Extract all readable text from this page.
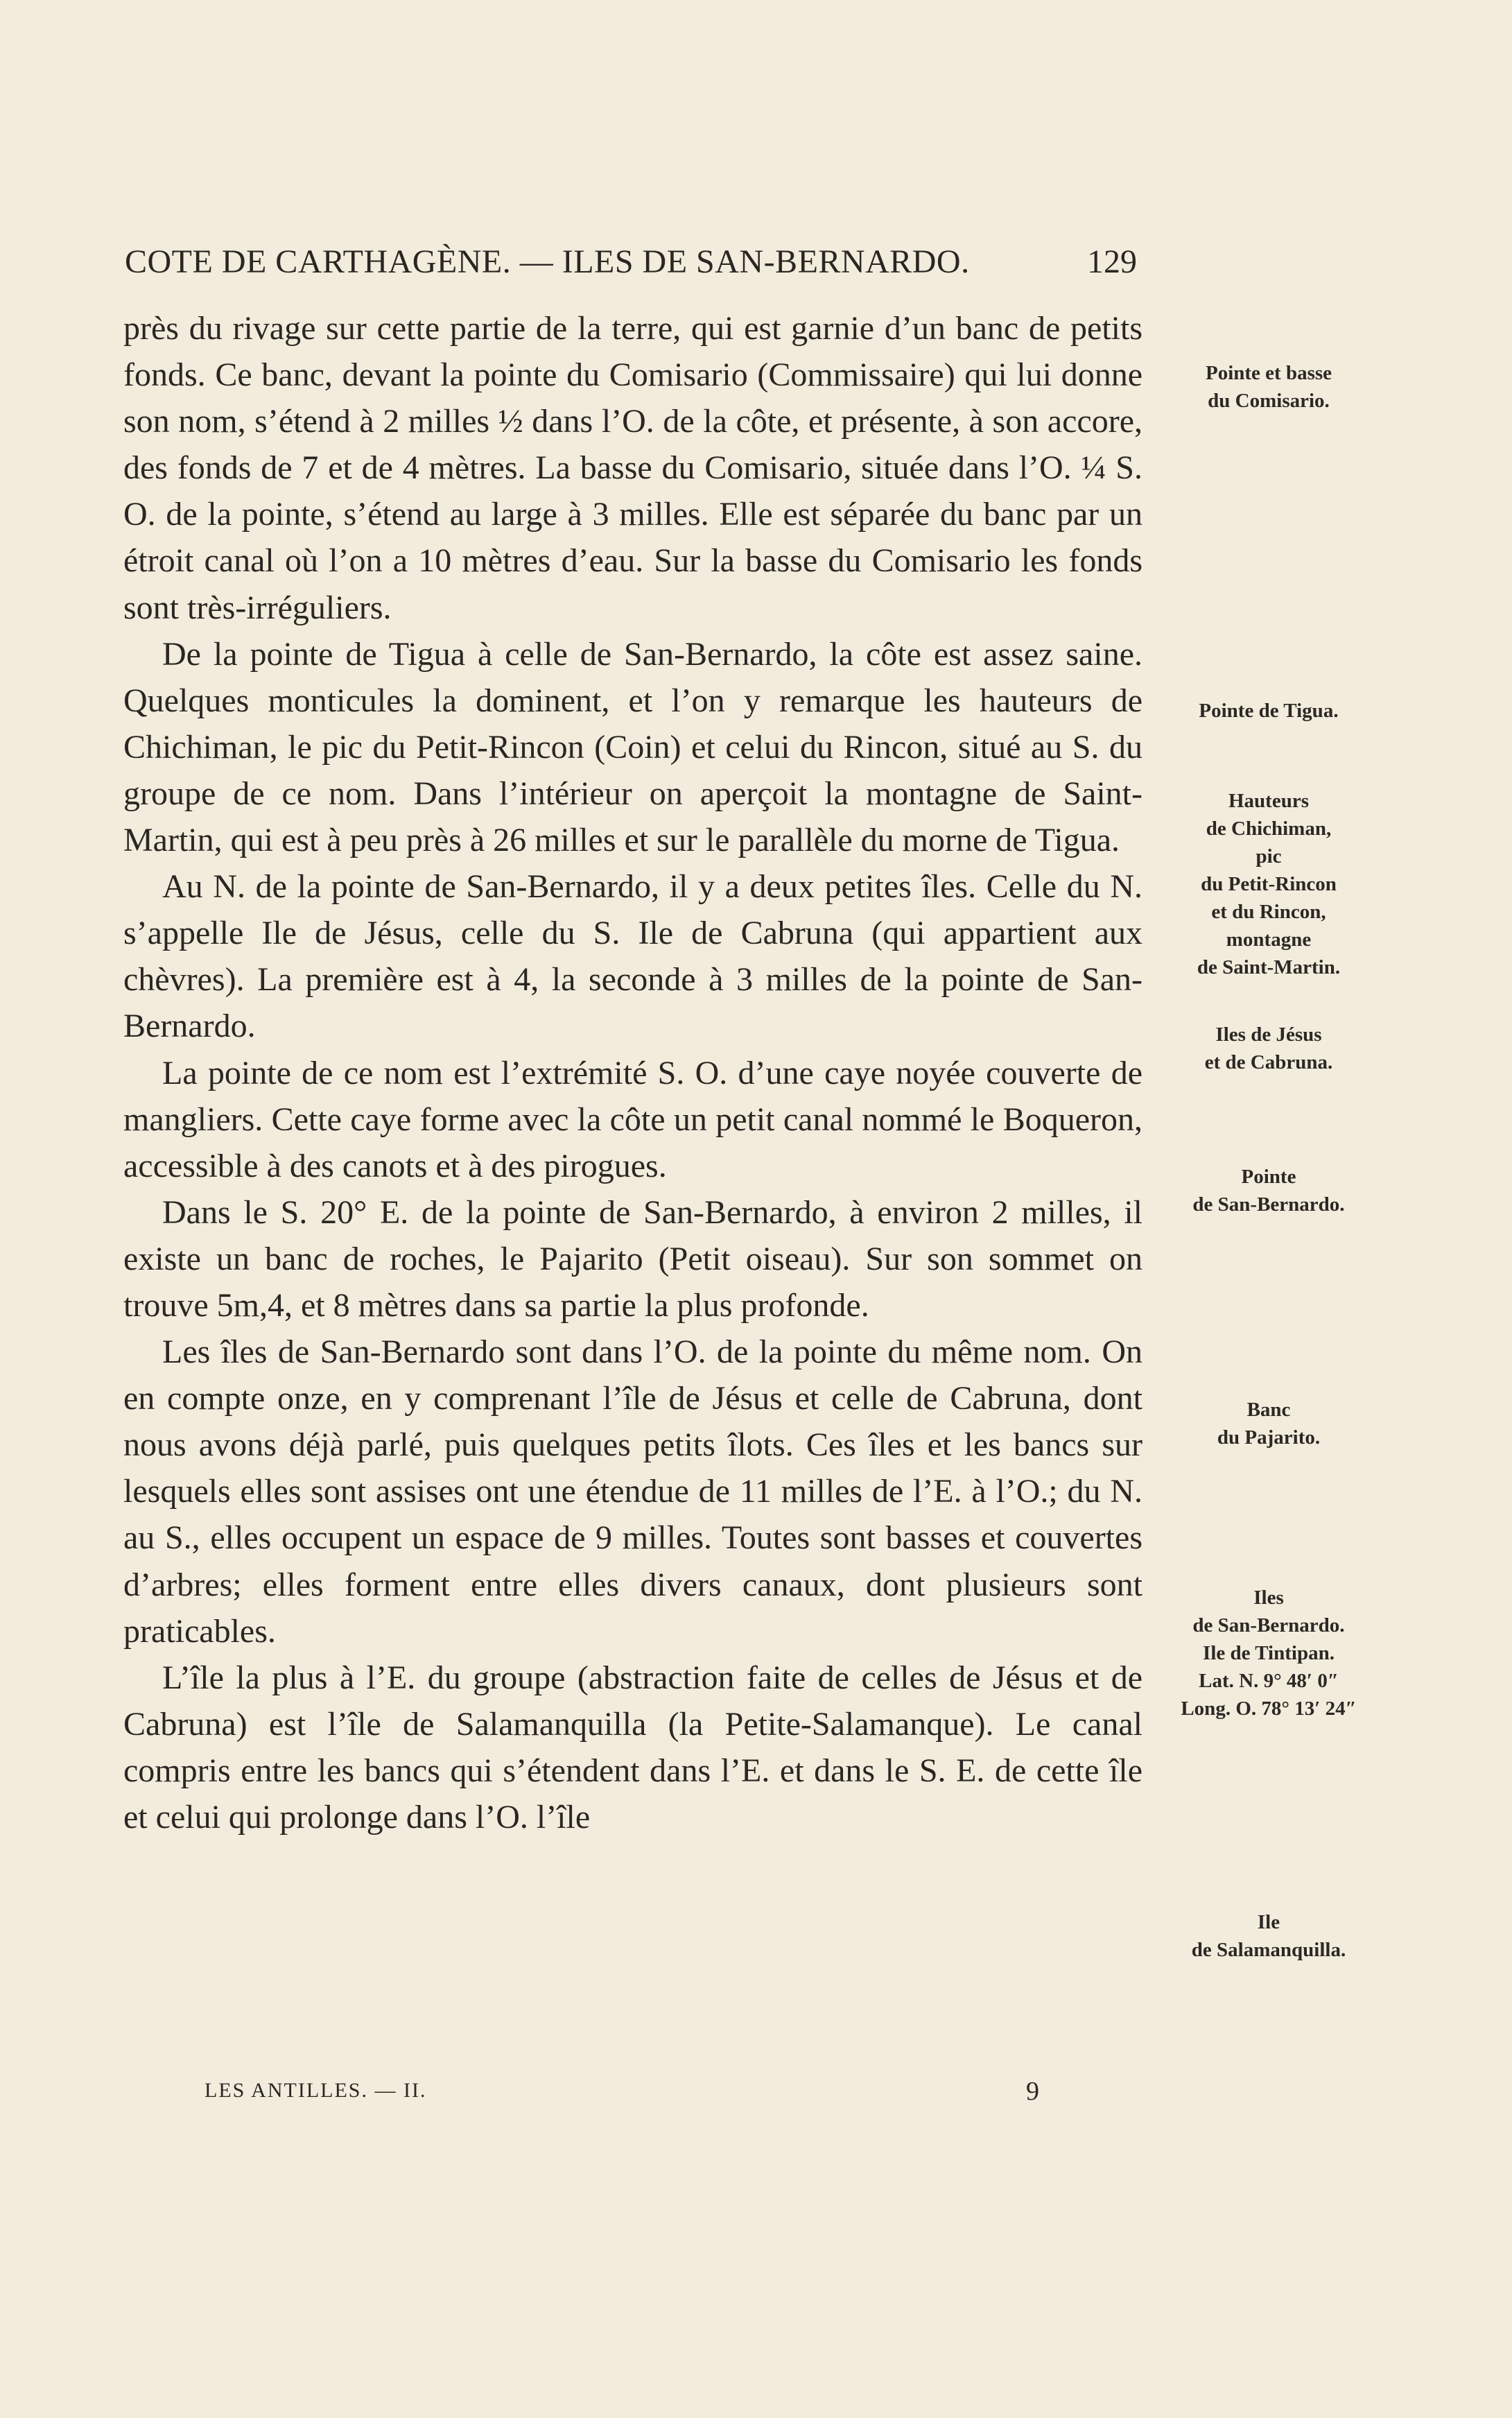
COTE DE CARTHAGÈNE. — ILES DE SAN-BERNARDO.	129

près du rivage sur cette partie de la terre, qui est garnie d’un banc de petits fonds. Ce banc, devant la pointe du Comisario (Commissaire) qui lui donne son nom, s’étend à 2 milles ½ dans l’O. de la côte, et présente, à son accore, des fonds de 7 et de 4 mètres. La basse du Comisario, située dans l’O. ¼ S. O. de la pointe, s’étend au large à 3 milles. Elle est séparée du banc par un étroit canal où l’on a 10 mètres d’eau. Sur la basse du Comisario les fonds sont très-irréguliers.

De la pointe de Tigua à celle de San-Bernardo, la côte est assez saine. Quelques monticules la dominent, et l’on y remarque les hauteurs de Chichiman, le pic du Petit-Rincon (Coin) et celui du Rincon, situé au S. du groupe de ce nom. Dans l’intérieur on aperçoit la montagne de Saint-Martin, qui est à peu près à 26 milles et sur le parallèle du morne de Tigua.

Au N. de la pointe de San-Bernardo, il y a deux petites îles. Celle du N. s’appelle Ile de Jésus, celle du S. Ile de Cabruna (qui appartient aux chèvres). La première est à 4, la seconde à 3 milles de la pointe de San-Bernardo.

La pointe de ce nom est l’extrémité S. O. d’une caye noyée couverte de mangliers. Cette caye forme avec la côte un petit canal nommé le Boqueron, accessible à des canots et à des pirogues.

Dans le S. 20° E. de la pointe de San-Bernardo, à environ 2 milles, il existe un banc de roches, le Pajarito (Petit oiseau). Sur son sommet on trouve 5m,4, et 8 mètres dans sa partie la plus profonde.

Les îles de San-Bernardo sont dans l’O. de la pointe du même nom. On en compte onze, en y comprenant l’île de Jésus et celle de Cabruna, dont nous avons déjà parlé, puis quelques petits îlots. Ces îles et les bancs sur lesquels elles sont assises ont une étendue de 11 milles de l’E. à l’O.; du N. au S., elles occupent un espace de 9 milles. Toutes sont basses et couvertes d’arbres; elles forment entre elles divers canaux, dont plusieurs sont praticables.

L’île la plus à l’E. du groupe (abstraction faite de celles de Jésus et de Cabruna) est l’île de Salamanquilla (la Petite-Salamanque). Le canal compris entre les bancs qui s’étendent dans l’E. et dans le S. E. de cette île et celui qui prolonge dans l’O. l’île

Pointe et basse
du Comisario.
Pointe de Tigua.
Hauteurs
de Chichiman,
pic
du Petit-Rincon
et du Rincon,
montagne
de Saint-Martin.
Iles de Jésus
et de Cabruna.
Pointe
de San-Bernardo.
Banc
du Pajarito.
Iles
de San-Bernardo.
Ile de Tintipan.
Lat. N. 9° 48′ 0″
Long. O. 78° 13′ 24″
Ile
de Salamanquilla.
LES ANTILLES. — II.	9
